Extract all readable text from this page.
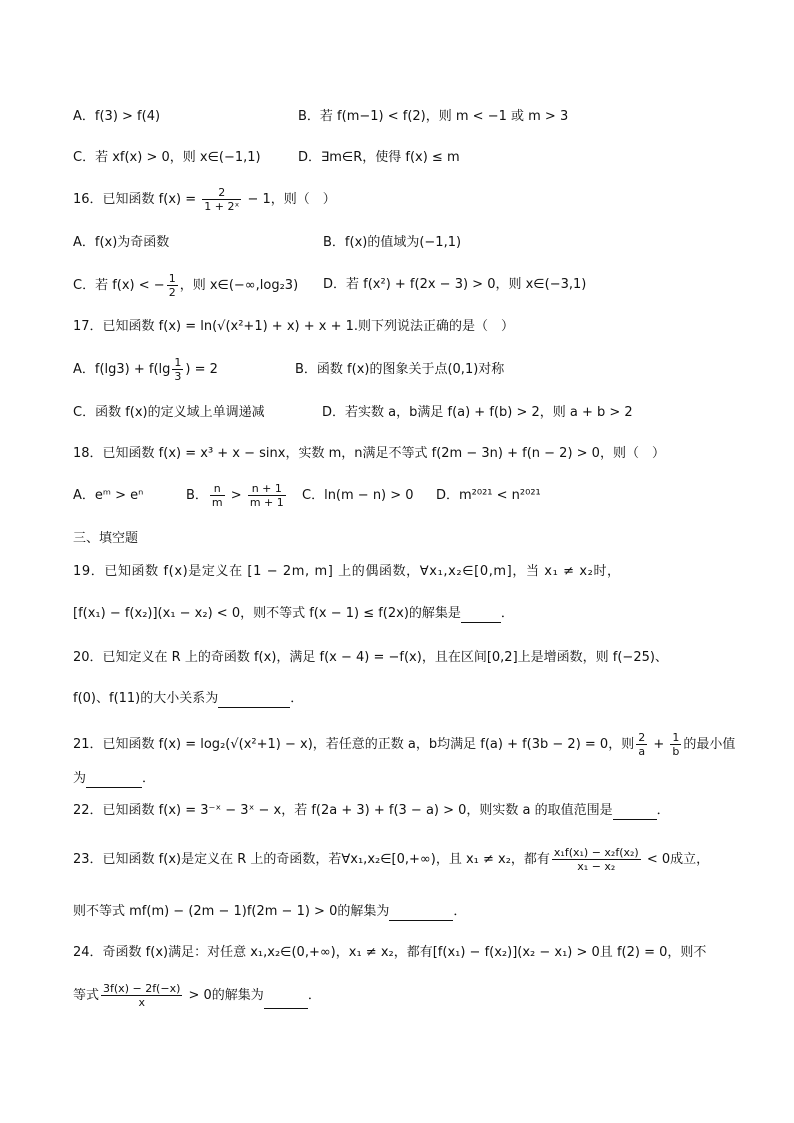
A．f(3) > f(4)	B．若 f(m−1) < f(2)，则 m < −1 或 m > 3
C．若 xf(x) > 0，则 x∈(−1,1)	D．∃m∈R，使得 f(x) ≤ m
16．已知函数 $f(x) = \frac{2}{\text{1 + 2ˣ}} - 1$，则（　）
A．f(x)为奇函数	B．f(x)的值域为(−1,1)
C．若 f(x) < − $\frac{1}{2}$ ，则 x∈(−∞,log₂3) D．若 f(x²) + f(2x − 3) > 0，则 x∈(−3,1)
17．已知函数 f(x) = ln(√(x²+1) + x) + x + 1.则下列说法正确的是（　）
A．$f(\lg 3) + f(\lg \frac{1}{3}$ ) = 2	B．函数 f(x)的图象关于点(0,1)对称
C．函数 f(x)的定义域上单调递减	D．若实数 a，b满足 f(a) + f(b) > 2，则 a + b > 2
18．已知函数 f(x) = x³ + x − sinx，实数 m，n满足不等式 f(2m − 3n) + f(n − 2) > 0，则（　）
A．eᵐ > eⁿ	B． $\frac{n}{m} > \frac{n + 1}{m + 1}$ C．ln(m − n) > 0 D．m²⁰²¹ < n²⁰²¹
三、填空题
19．已知函数 f(x)是定义在 [1 − 2m, m] 上的偶函数，∀x₁,x₂∈[0,m]，当 x₁ ≠ x₂时，
[f(x₁) − f(x₂)](x₁ − x₂) < 0，则不等式 f(x − 1) ≤ f(2x)的解集是	．
20．已知定义在 R 上的奇函数 f(x)，满足 f(x − 4) = −f(x)，且在区间[0,2]上是增函数，则 f(−25)、
f(0)、f(11)的大小关系为	．
21．已知函数 f(x) = log₂(√(x²+1) − x)，若任意的正数 a，b均满足 f(a) + f(3b − 2) = 0，则 $\frac{2}{a} + \frac{1}{b}$ 的最小值
为	．
22．已知函数 f(x) = 3⁻ˣ − 3ˣ − x，若 f(2a + 3) + f(3 − a) > 0，则实数 a 的取值范围是	．
23．已知函数 f(x)是定义在 R 上的奇函数，若∀x₁,x₂∈[0,+∞)，且 x₁ ≠ x₂，都有 $\frac{\text{x₁f(x₁) − x₂f(x₂)}}{\text{x₁ − x₂}} < 0$成立，
则不等式 mf(m) − (2m − 1)f(2m − 1) > 0的解集为	．
24．奇函数 f(x)满足：对任意 x₁,x₂∈(0,+∞)，x₁ ≠ x₂，都有[f(x₁) − f(x₂)](x₂ − x₁) > 0且 f(2) = 0，则不
等式 $\frac{3f(x) - 2f(-x)}{x} > 0$的解集为	．
